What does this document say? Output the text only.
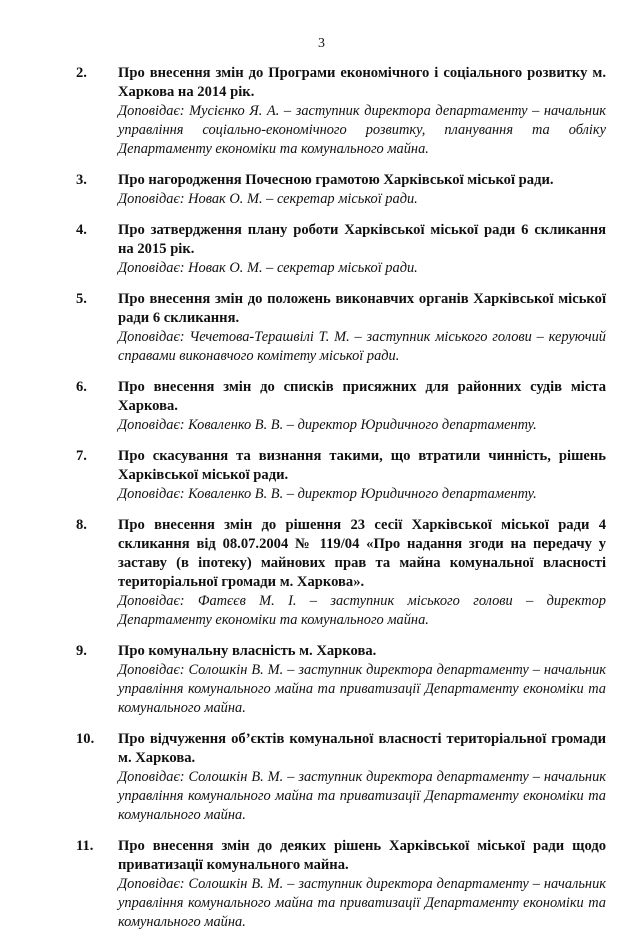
3
2.	Про внесення змін до Програми економічного і соціального розвитку м. Харкова на 2014 рік.
Доповідає: Мусієнко Я. А. – заступник директора департаменту – начальник управління соціально-економічного розвитку, планування та обліку Департаменту економіки та комунального майна.
3.	Про нагородження Почесною грамотою Харківської міської ради.
Доповідає: Новак О. М. – секретар міської ради.
4.	Про затвердження плану роботи Харківської міської ради 6 скликання на 2015 рік.
Доповідає: Новак О. М. – секретар міської ради.
5.	Про внесення змін до положень виконавчих органів Харківської міської ради 6 скликання.
Доповідає: Чечетова-Терашвілі Т. М. – заступник міського голови – керуючий справами виконавчого комітету міської ради.
6.	Про внесення змін до списків присяжних для районних судів міста Харкова.
Доповідає: Коваленко В. В. – директор Юридичного департаменту.
7.	Про скасування та визнання такими, що втратили чинність, рішень Харківської міської ради.
Доповідає: Коваленко В. В. – директор Юридичного департаменту.
8.	Про внесення змін до рішення 23 сесії Харківської міської ради 4 скликання від 08.07.2004 № 119/04 «Про надання згоди на передачу у заставу (в іпотеку) майнових прав та майна комунальної власності територіальної громади м. Харкова».
Доповідає: Фатєєв М. І. – заступник міського голови – директор Департаменту економіки та комунального майна.
9.	Про комунальну власність м. Харкова.
Доповідає: Солошкін В. М. – заступник директора департаменту – начальник управління комунального майна та приватизації Департаменту економіки та комунального майна.
10.	Про відчуження об’єктів комунальної власності територіальної громади м. Харкова.
Доповідає: Солошкін В. М. – заступник директора департаменту – начальник управління комунального майна та приватизації Департаменту економіки та комунального майна.
11.	Про внесення змін до деяких рішень Харківської міської ради щодо приватизації комунального майна.
Доповідає: Солошкін В. М. – заступник директора департаменту – начальник управління комунального майна та приватизації Департаменту економіки та комунального майна.
